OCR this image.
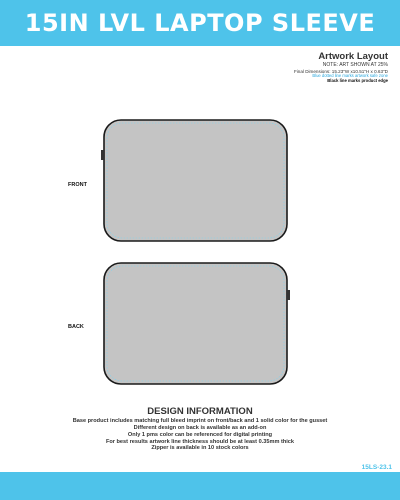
15IN LVL LAPTOP SLEEVE
Artwork Layout
NOTE: ART SHOWN AT 25%
Final Dimensions: 15.23"W x10.51"H x 0.63"D
Blue dotted line marks artwork safe zone
Black line marks product edge
FRONT
BACK
DESIGN INFORMATION
Base product includes matching full bleed imprint on front/back and 1 solid color for the gusset
Different design on back is available as an add-on
Only 1 pms color can be referenced for digital printing
For best results artwork line thickness should be at least 0.35mm thick
Zipper is available in 10 stock colors
15LS-23.1
